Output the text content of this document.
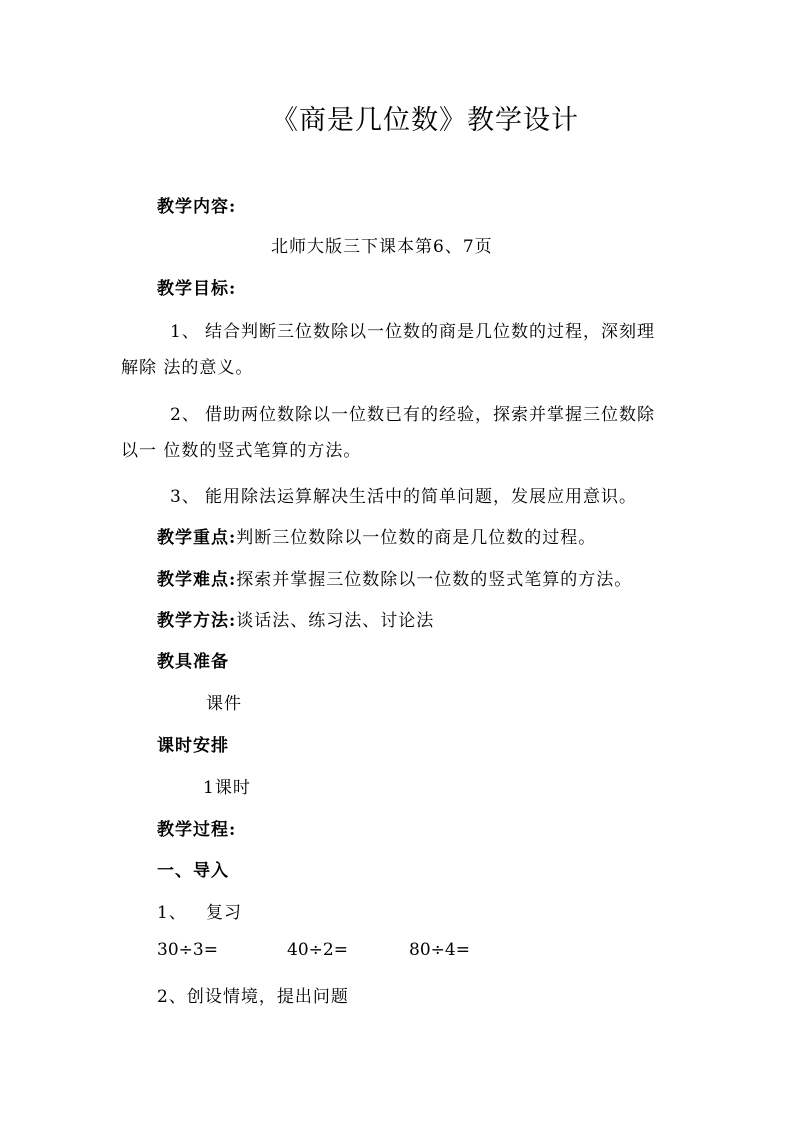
《商是几位数》教学设计
教学内容:
北师大版三下课本第6、7页
教学目标:
1、 结合判断三位数除以一位数的商是几位数的过程，深刻理
解除 法的意义。
2、 借助两位数除以一位数已有的经验，探索并掌握三位数除
以一 位数的竖式笔算的方法。
3、 能用除法运算解决生活中的简单问题，发展应用意识。
教学重点:判断三位数除以一位数的商是几位数的过程。
教学难点:探索并掌握三位数除以一位数的竖式笔算的方法。
教学方法:谈话法、练习法、讨论法
教具准备
课件
课时安排
1课时
教学过程:
一、导入
1、   复习
30÷3=	40÷2=	80÷4=
2、创设情境，提出问题
